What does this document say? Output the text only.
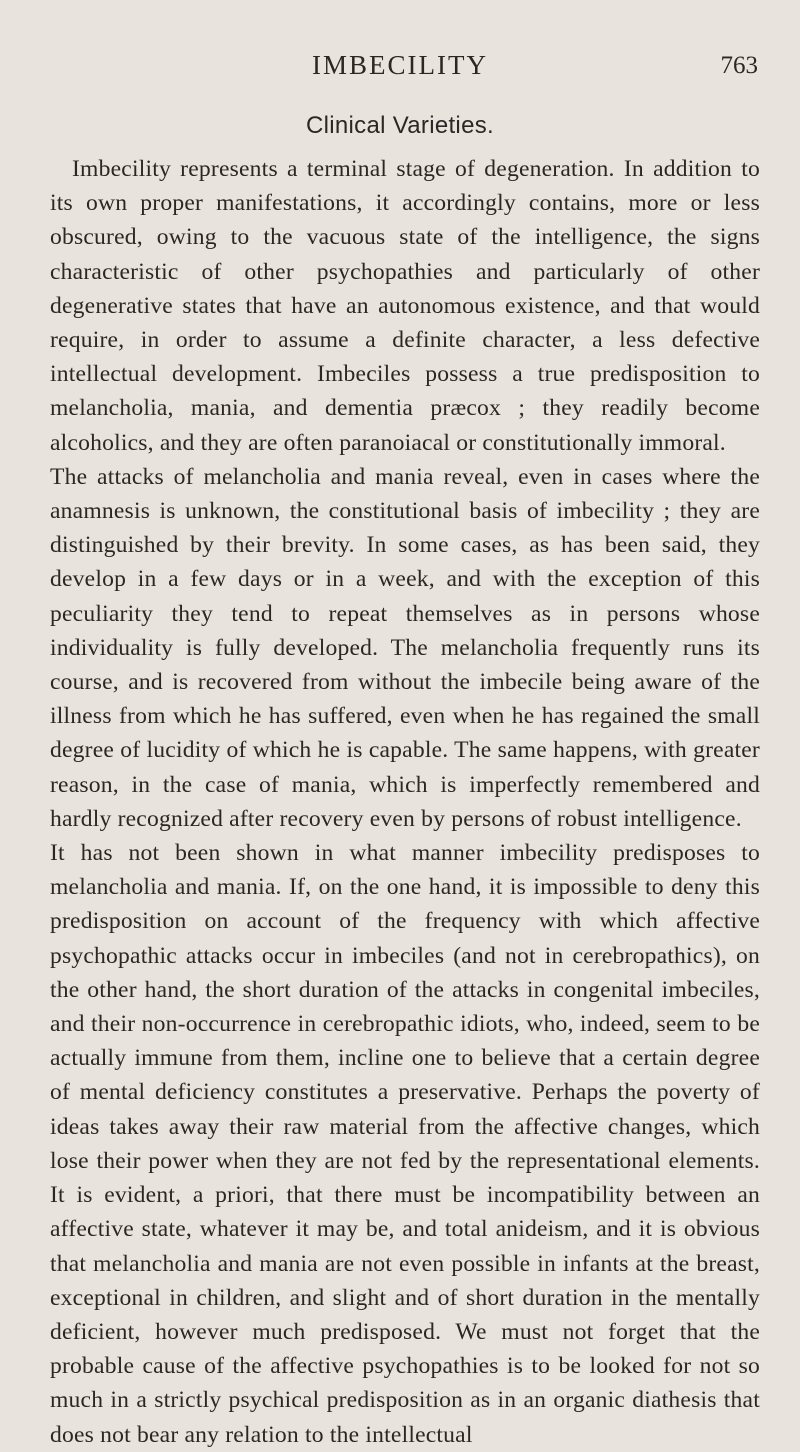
IMBECILITY	763
Clinical Varieties.

Imbecility represents a terminal stage of degeneration. In addition to its own proper manifestations, it accordingly contains, more or less obscured, owing to the vacuous state of the intelligence, the signs characteristic of other psychopathies and particularly of other degenerative states that have an autonomous existence, and that would require, in order to assume a definite character, a less defective intellectual development. Imbeciles possess a true predisposition to melancholia, mania, and dementia præcox ; they readily become alcoholics, and they are often paranoiacal or constitutionally immoral.

The attacks of melancholia and mania reveal, even in cases where the anamnesis is unknown, the constitutional basis of imbecility ; they are distinguished by their brevity. In some cases, as has been said, they develop in a few days or in a week, and with the exception of this peculiarity they tend to repeat themselves as in persons whose individuality is fully developed. The melancholia frequently runs its course, and is recovered from without the imbecile being aware of the illness from which he has suffered, even when he has regained the small degree of lucidity of which he is capable. The same happens, with greater reason, in the case of mania, which is imperfectly remembered and hardly recognized after recovery even by persons of robust intelligence.

It has not been shown in what manner imbecility predisposes to melancholia and mania. If, on the one hand, it is impossible to deny this predisposition on account of the frequency with which affective psychopathic attacks occur in imbeciles (and not in cerebropathics), on the other hand, the short duration of the attacks in congenital imbeciles, and their non-occurrence in cerebropathic idiots, who, indeed, seem to be actually immune from them, incline one to believe that a certain degree of mental deficiency constitutes a preservative. Perhaps the poverty of ideas takes away their raw material from the affective changes, which lose their power when they are not fed by the representational elements. It is evident, a priori, that there must be incompatibility between an affective state, whatever it may be, and total anideism, and it is obvious that melancholia and mania are not even possible in infants at the breast, exceptional in children, and slight and of short duration in the mentally deficient, however much predisposed. We must not forget that the probable cause of the affective psychopathies is to be looked for not so much in a strictly psychical predisposition as in an organic diathesis that does not bear any relation to the intellectual
